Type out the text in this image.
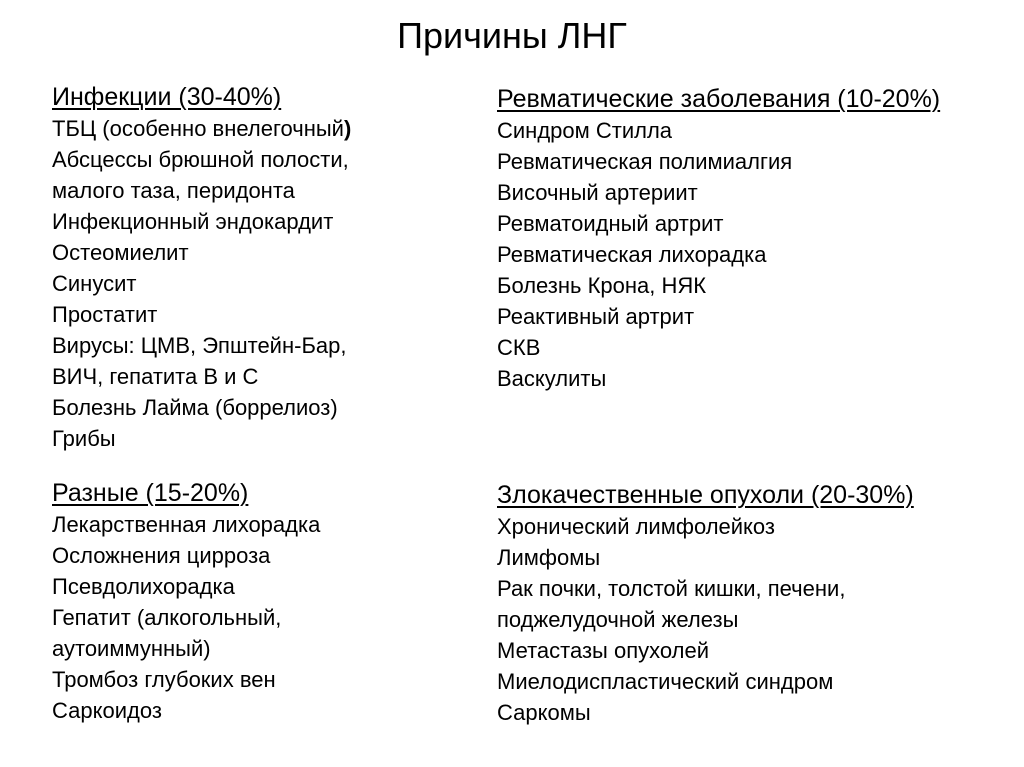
Причины ЛНГ
Инфекции (30-40%)
ТБЦ (особенно внелегочный)
Абсцессы брюшной полости,
малого таза, перидонта
Инфекционный эндокардит
Остеомиелит
Синусит
Простатит
Вирусы: ЦМВ, Эпштейн-Бар,
ВИЧ, гепатита В и С
Болезнь Лайма (боррелиоз)
Грибы
Ревматические заболевания (10-20%)
Синдром Стилла
Ревматическая полимиалгия
Височный артериит
Ревматоидный артрит
Ревматическая лихорадка
Болезнь Крона, НЯК
Реактивный артрит
СКВ
Васкулиты
Разные (15-20%)
Лекарственная лихорадка
Осложнения цирроза
Псевдолихорадка
Гепатит (алкогольный,
аутоиммунный)
Тромбоз глубоких вен
Саркоидоз
Злокачественные опухоли (20-30%)
Хронический лимфолейкоз
Лимфомы
Рак почки, толстой кишки, печени,
поджелудочной железы
Метастазы опухолей
Миелодиспластический синдром
Саркомы
